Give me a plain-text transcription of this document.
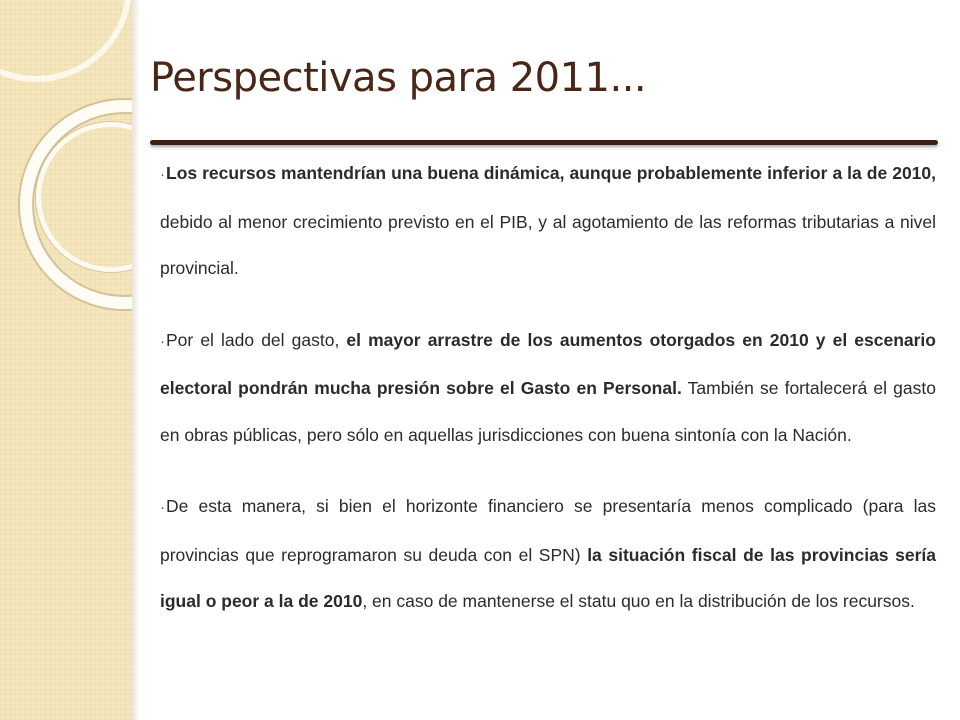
Perspectivas para 2011...

·Los recursos mantendrían una buena dinámica, aunque probablemente inferior a la de 2010, debido al menor crecimiento previsto en el PIB, y al agotamiento de las reformas tributarias a nivel provincial.

·Por el lado del gasto, el mayor arrastre de los aumentos otorgados en 2010 y el escenario electoral pondrán mucha presión sobre el Gasto en Personal. También se fortalecerá el gasto en obras públicas, pero sólo en aquellas jurisdicciones con buena sintonía con la Nación.

·De esta manera, si bien el horizonte financiero se presentaría menos complicado (para las provincias que reprogramaron su deuda con el SPN) la situación fiscal de las provincias sería igual o peor a la de 2010, en caso de mantenerse el statu quo en la distribución de los recursos.
